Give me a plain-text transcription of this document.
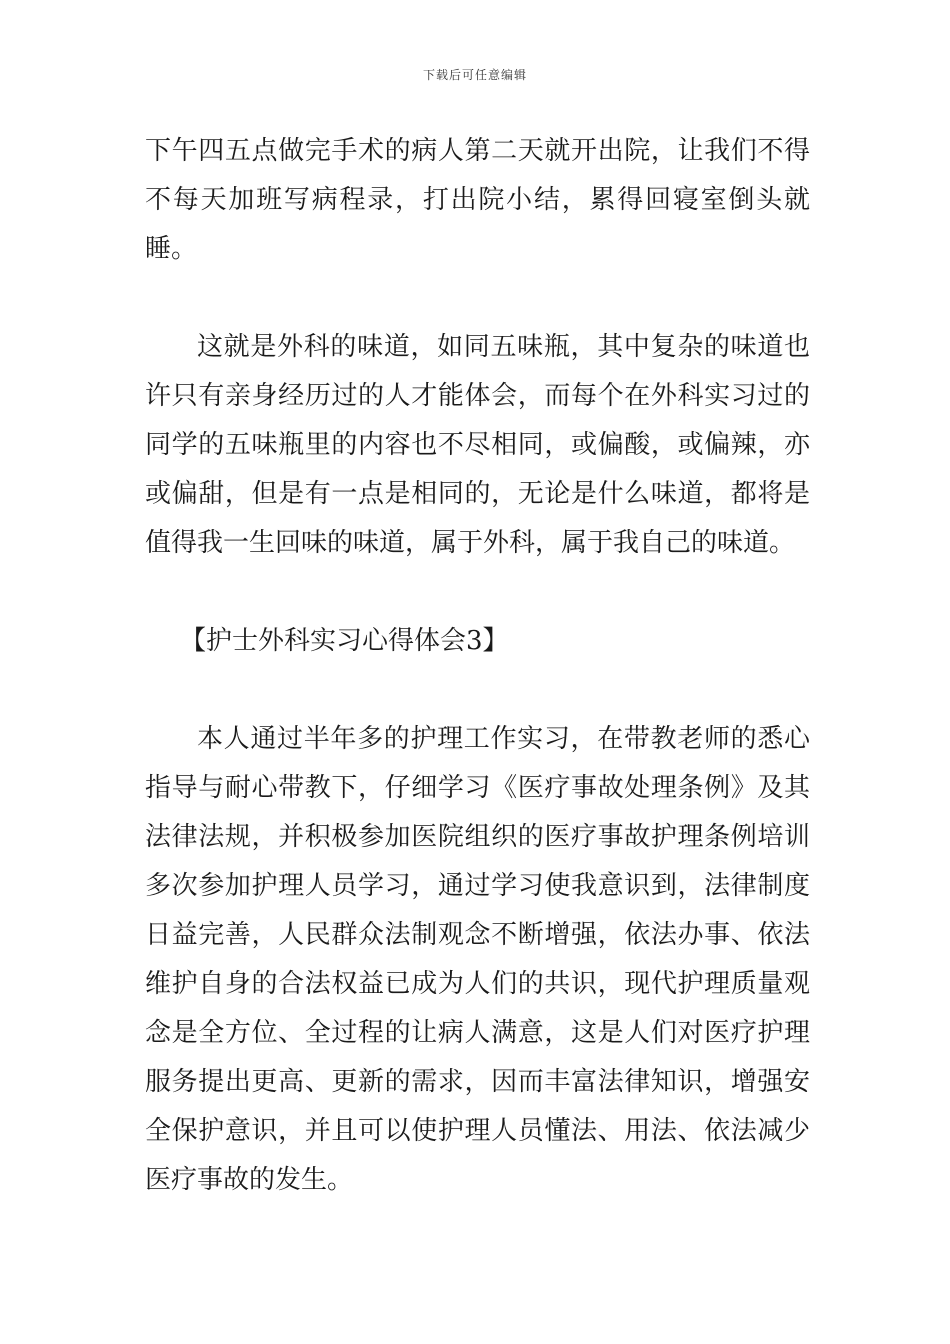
下载后可任意编辑

下午四五点做完手术的病人第二天就开出院，让我们不得不每天加班写病程录，打出院小结，累得回寝室倒头就睡。

这就是外科的味道，如同五味瓶，其中复杂的味道也许只有亲身经历过的人才能体会，而每个在外科实习过的同学的五味瓶里的内容也不尽相同，或偏酸，或偏辣，亦或偏甜，但是有一点是相同的，无论是什么味道，都将是值得我一生回味的味道，属于外科，属于我自己的味道。

【护士外科实习心得体会3】

本人通过半年多的护理工作实习，在带教老师的悉心指导与耐心带教下，仔细学习《医疗事故处理条例》及其法律法规，并积极参加医院组织的医疗事故护理条例培训多次参加护理人员学习，通过学习使我意识到，法律制度日益完善，人民群众法制观念不断增强，依法办事、依法维护自身的合法权益已成为人们的共识，现代护理质量观念是全方位、全过程的让病人满意，这是人们对医疗护理服务提出更高、更新的需求，因而丰富法律知识，增强安全保护意识，并且可以使护理人员懂法、用法、依法减少医疗事故的发生。
